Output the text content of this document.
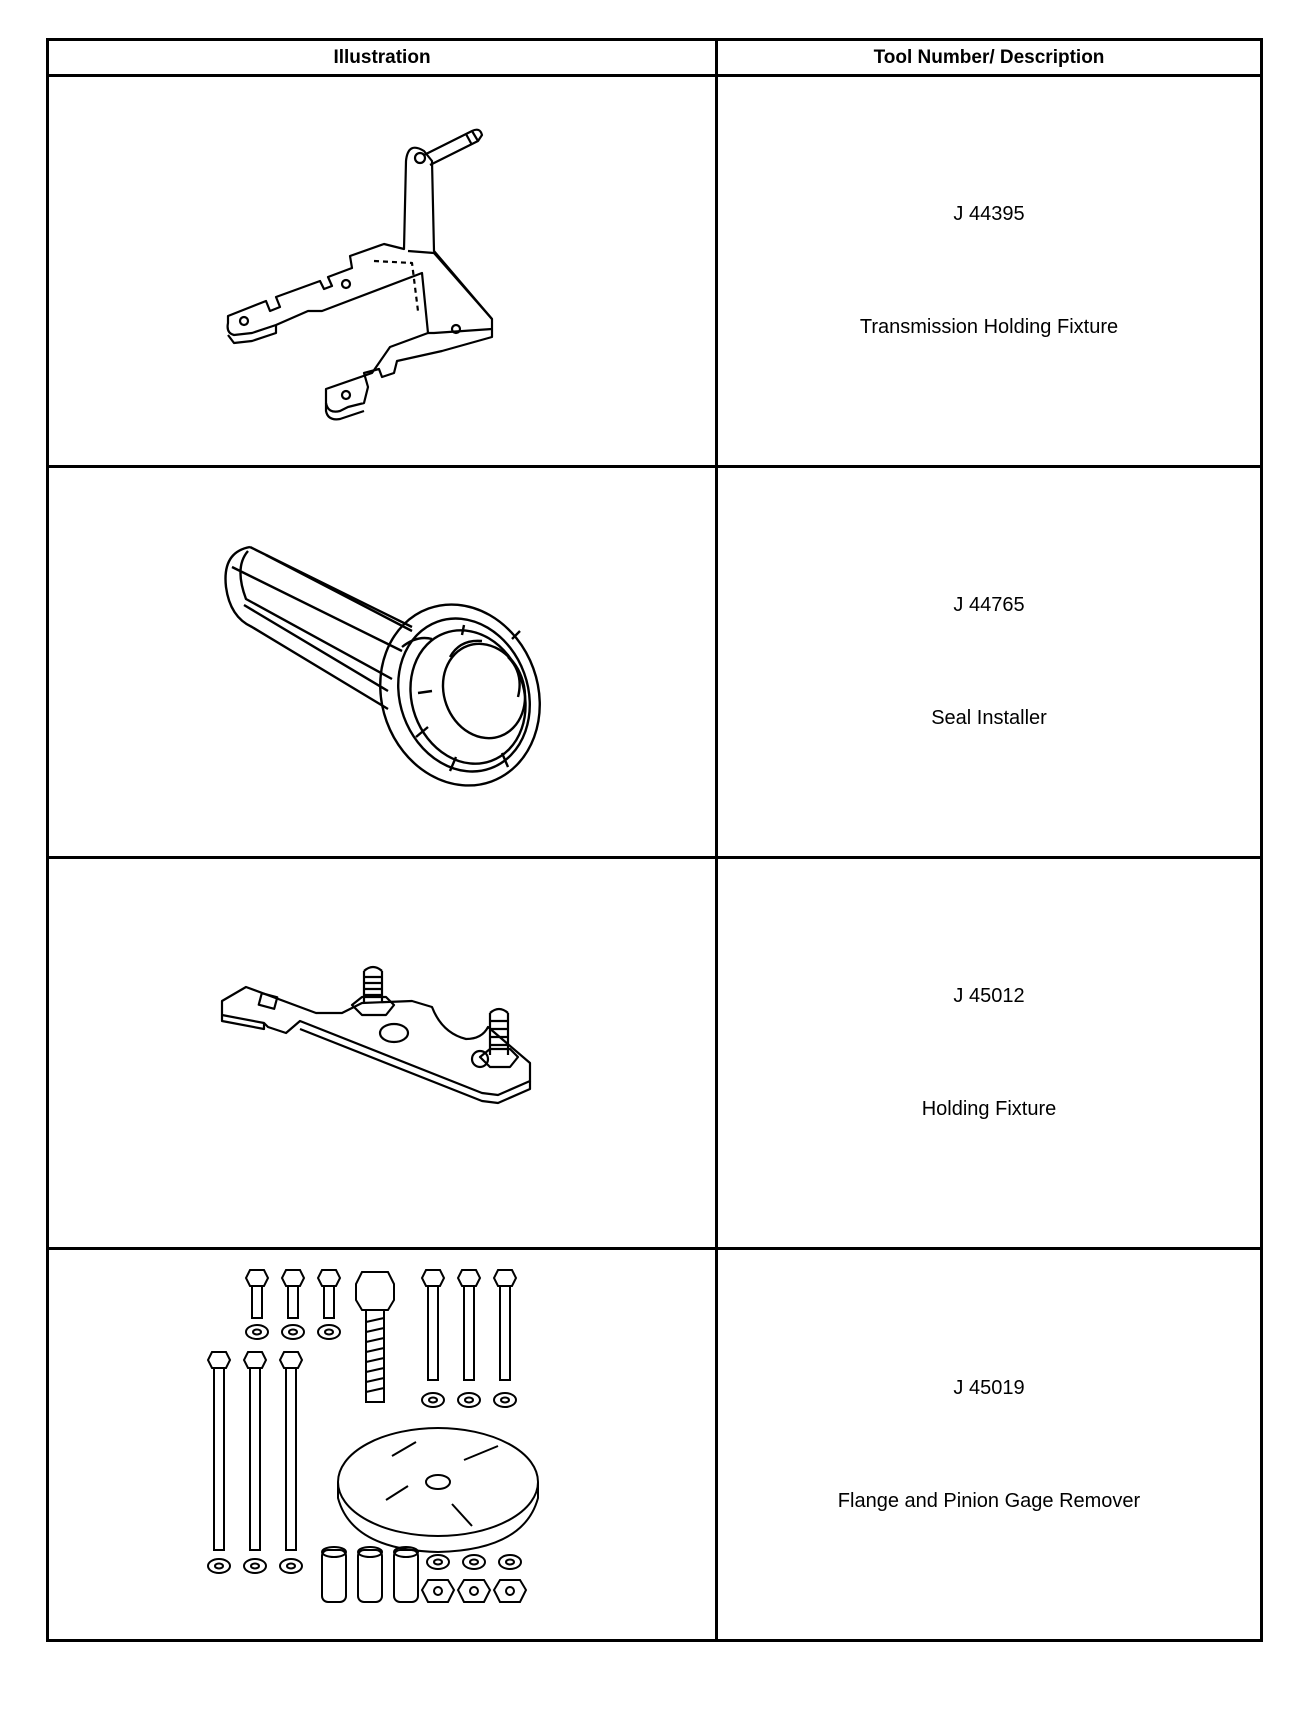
Illustration	Tool Number/ Description
J 44395
Transmission Holding Fixture
J 44765
Seal Installer
J 45012
Holding Fixture
J 45019
Flange and Pinion Gage Remover
